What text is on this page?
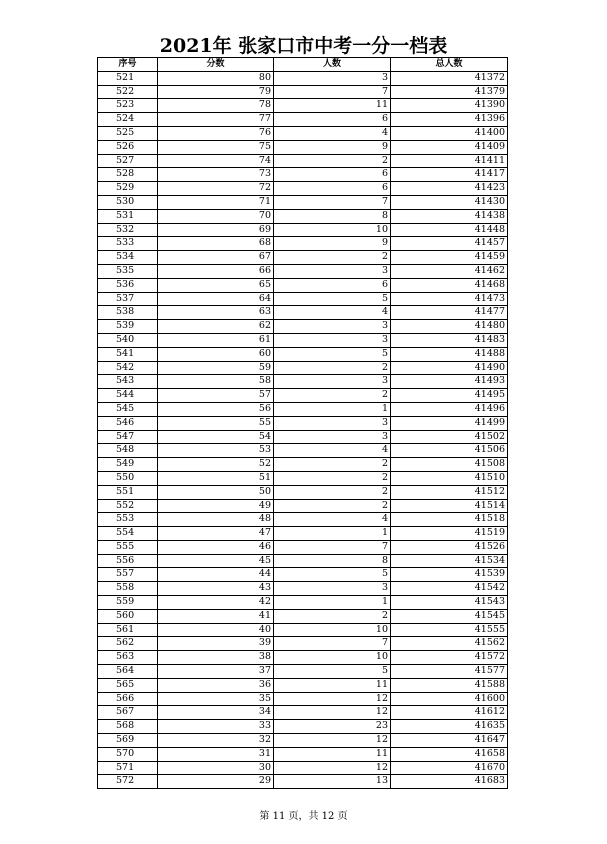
2021年 张家口市中考一分一档表
序号	分数	人数	总人数
521	80	3	41372
522	79	7	41379
523	78	11	41390
524	77	6	41396
525	76	4	41400
526	75	9	41409
527	74	2	41411
528	73	6	41417
529	72	6	41423
530	71	7	41430
531	70	8	41438
532	69	10	41448
533	68	9	41457
534	67	2	41459
535	66	3	41462
536	65	6	41468
537	64	5	41473
538	63	4	41477
539	62	3	41480
540	61	3	41483
541	60	5	41488
542	59	2	41490
543	58	3	41493
544	57	2	41495
545	56	1	41496
546	55	3	41499
547	54	3	41502
548	53	4	41506
549	52	2	41508
550	51	2	41510
551	50	2	41512
552	49	2	41514
553	48	4	41518
554	47	1	41519
555	46	7	41526
556	45	8	41534
557	44	5	41539
558	43	3	41542
559	42	1	41543
560	41	2	41545
561	40	10	41555
562	39	7	41562
563	38	10	41572
564	37	5	41577
565	36	11	41588
566	35	12	41600
567	34	12	41612
568	33	23	41635
569	32	12	41647
570	31	11	41658
571	30	12	41670
572	29	13	41683
第 11 页，共 12 页
